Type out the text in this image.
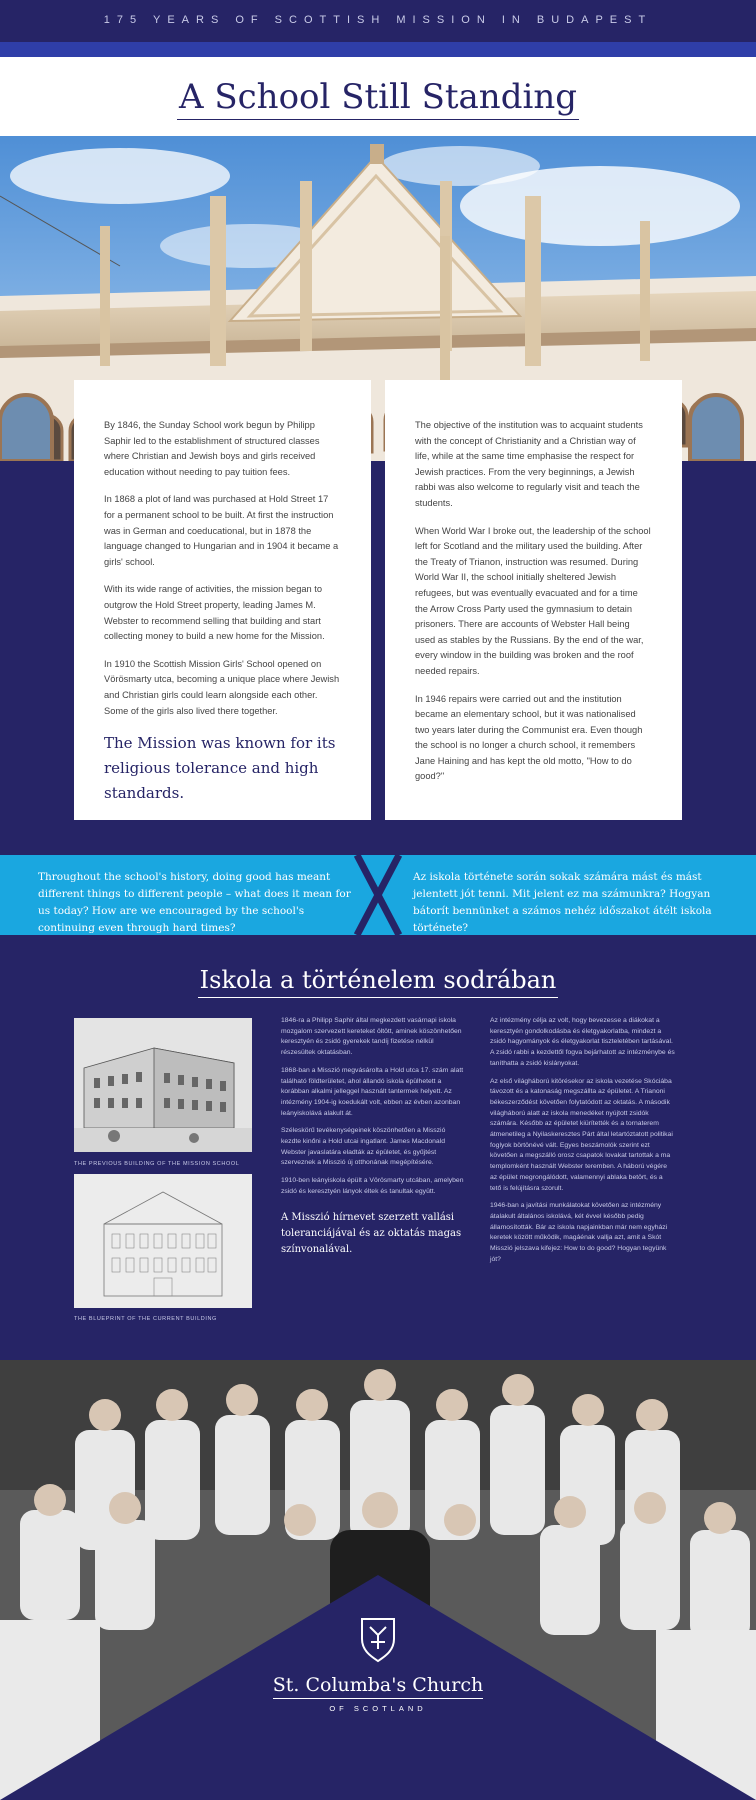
175 YEARS OF SCOTTISH MISSION IN BUDAPEST
A School Still Standing

By 1846, the Sunday School work begun by Philipp Saphir led to the establishment of structured classes where Christian and Jewish boys and girls received education without needing to pay tuition fees.

In 1868 a plot of land was purchased at Hold Street 17 for a permanent school to be built. At first the instruction was in German and coeducational, but in 1878 the language changed to Hungarian and in 1904 it became a girls' school.

With its wide range of activities, the mission began to outgrow the Hold Street property, leading James M. Webster to recommend selling that building and start collecting money to build a new home for the Mission.

In 1910 the Scottish Mission Girls' School opened on Vörösmarty utca, becoming a unique place where Jewish and Christian girls could learn alongside each other. Some of the girls also lived there together.

The Mission was known for its religious tolerance and high standards.

The objective of the institution was to acquaint students with the concept of Christianity and a Christian way of life, while at the same time emphasise the respect for Jewish practices. From the very beginnings, a Jewish rabbi was also welcome to regularly visit and teach the students.

When World War I broke out, the leadership of the school left for Scotland and the military used the building. After the Treaty of Trianon, instruction was resumed. During World War II, the school initially sheltered Jewish refugees, but was eventually evacuated and for a time the Arrow Cross Party used the gymnasium to detain prisoners. There are accounts of Webster Hall being used as stables by the Russians. By the end of the war, every window in the building was broken and the roof needed repairs.

In 1946 repairs were carried out and the institution became an elementary school, but it was nationalised two years later during the Communist era. Even though the school is no longer a church school, it remembers Jane Haining and has kept the old motto, "How to do good?"

Throughout the school's history, doing good has meant different things to different people – what does it mean for us today? How are we encouraged by the school's continuing even through hard times?
Az iskola története során sokak számára mást és mást jelentett jót tenni. Mit jelent ez ma számunkra? Hogyan bátorít bennünket a számos nehéz időszakot átélt iskola története?
Iskola a történelem sodrában
THE PREVIOUS BUILDING OF THE MISSION SCHOOL
THE BLUEPRINT OF THE CURRENT BUILDING

1846-ra a Philipp Saphir által megkezdett vasárnapi iskola mozgalom szervezett kereteket öltött, aminek köszönhetően keresztyén és zsidó gyerekek tandíj fizetése nélkül részesültek oktatásban.

1868-ban a Misszió megvásárolta a Hold utca 17. szám alatt található földterületet, ahol állandó iskola épülhetett a korábban alkalmi jelleggel használt tantermek helyett. Az intézmény 1904-ig koedukált volt, ebben az évben azonban leányiskolává alakult át.

Széleskörű tevékenységeinek köszönhetően a Misszió kezdte kinőni a Hold utcai ingatlant. James Macdonald Webster javaslatára eladták az épületet, és gyűjtést szerveznek a Misszió új otthonának megépítésére.

1910-ben leányiskola épült a Vörösmarty utcában, amelyben zsidó és keresztyén lányok éltek és tanultak együtt.

A Misszió hírnevet szerzett vallási toleranciájával és az oktatás magas színvonalával.

Az intézmény célja az volt, hogy bevezesse a diákokat a keresztyén gondolkodásba és életgyakorlatba, mindezt a zsidó hagyományok és életgyakorlat tiszteletében tartásával. A zsidó rabbi a kezdettől fogva bejárhatott az intézménybe és taníthatta a zsidó kislányokat.

Az első világháború kitörésekor az iskola vezetése Skóciába távozott és a katonaság megszállta az épületet. A Trianoni békeszerződést követően folytatódott az oktatás. A második világháború alatt az iskola menedéket nyújtott zsidók számára. Később az épületet kiürítették és a tornaterem átmenetileg a Nyilaskeresztes Párt által letartóztatott politikai foglyok börtönévé vált. Egyes beszámolók szerint ezt követően a megszálló orosz csapatok lovakat tartottak a ma templomként használt Webster teremben. A háború végére az épület megrongálódott, valamennyi ablaka betört, és a tető is felújításra szorult.

1946-ban a javítási munkálatokat követően az intézmény átalakult általános iskolává, két évvel később pedig államosították. Bár az iskola napjainkban már nem egyházi keretek között működik, magáénak vallja azt, amit a Skót Misszió jelszava kifejez: How to do good? Hogyan tegyünk jót?

St. Columba's Church
OF SCOTLAND
